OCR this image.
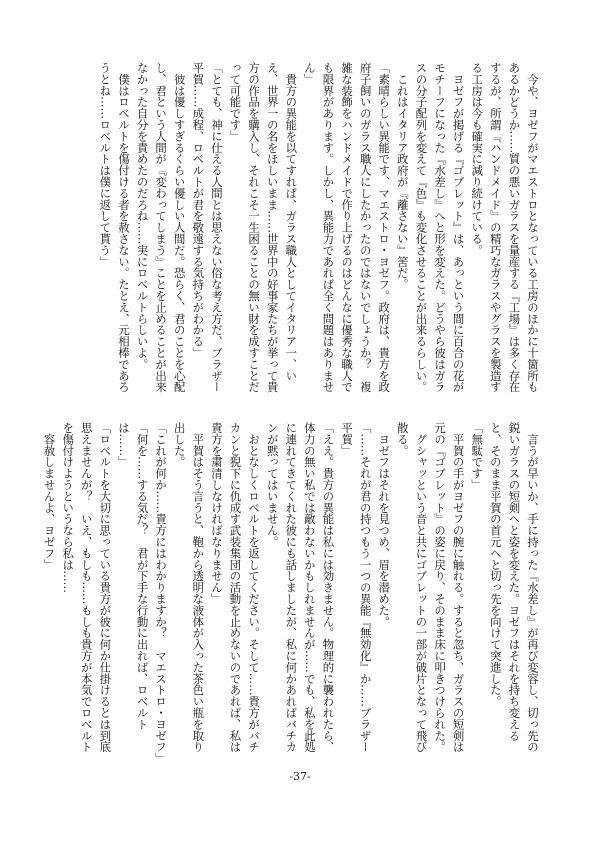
　今や、ヨゼフがマエストロとなっている工房のほかに十箇所もあるかどうか……質の悪いガラスを量産する『工場』は多く存在するが、所謂『ハンドメイド』の精巧なガラスやグラスを製造する工房は今も確実に減り続けている。

　ヨゼフが掲げる『ゴブレット』は、あっという間に百合の花がモチーフになった『水差し』へと形を変えた。どうやら彼はガラスの分子配列を変えて『色』も変化させることが出来るらしい。

　これはイタリア政府が『離さない』筈だ。

「素晴らしい異能です、マエストロ・ヨゼフ。政府は、貴方を政府子飼いのガラス職人にしたかったのではないでしょうか？　複雑な装飾をハンドメイドで作り上げるのはどんなに優秀な職人でも限界があります。しかし、異能力であれば全く問題はありません」

　貴方の異能を以てすれば、ガラス職人としてイタリア一、いえ、世界一の名をほしいまま……世界中の好事家たちが挙って貴方の作品を購入し、それこそ一生困ることの無い財を成すことだって可能です」

「とても、神に仕える人間とは思えない俗な考え方だ、ブラザー平賀……成程、ロベルトが君を敬遠する気持ちがわかる」

　彼は優しすぎるくらい優しい人間だ。恐らく、君のことを心配し、君という人間が『変わってしまう』ことを止めることが出来なかった自分を責めたのだろね……実にロベルトらしいよ。

　僕はロベルトを傷付ける者を赦さない。たとえ、元相棒であろうとね……ロベルトは僕に返して貰う」

　言うが早いか、手に持った『水差し』が再び変容し、切っ先の鋭いガラスの短剣へと姿を変えた。ヨゼフはそれを持ち変えると、そのまま平賀の首元へと切っ先を向けて突進した。

「無駄です」

　平賀の手がヨゼフの腕に触れる。すると忽ち、ガラスの短剣は元の『ゴブレット』の姿に戻り、そのまま床に叩きつけられた。

　グシャッという音と共にゴブレットの一部が破片となって飛び散る。

　ヨゼフはそれを見つめ、眉を潜めた。

「……それが君の持つもう一つの異能『無効化』か……ブラザー平賀」

「ええ。貴方の異能は私には効きません。物理的に襲われたら、体力の無い私では敵わないかもしれませんが……でも、私を此処に連れてきてくれた彼にも話しましたが、私に何かあればバチカンが黙ってはいません。

　おとなしくロベルトを返してください。そして……貴方がバチカンと猊下に仇成す武装集団の活動を止めないのであれば、私は貴方を粛清しなければなりません」

　平賀はそう言うと、鞄から透明な液体が入った茶色い瓶を取り出した。

「これが何か……貴方にはわかりますか？　マエストロ・ヨゼフ」

「何を……する気だ？　君が下手な行動に出れば、ロベルトは……」

「ロベルトを大切に思っている貴方が彼に何か仕掛けるとは到底思えませんが？　いえ、もしも……もしも貴方が本気でロベルトを傷付けようというなら私は……

　容赦しませんよ、ヨゼフ」

-37-
